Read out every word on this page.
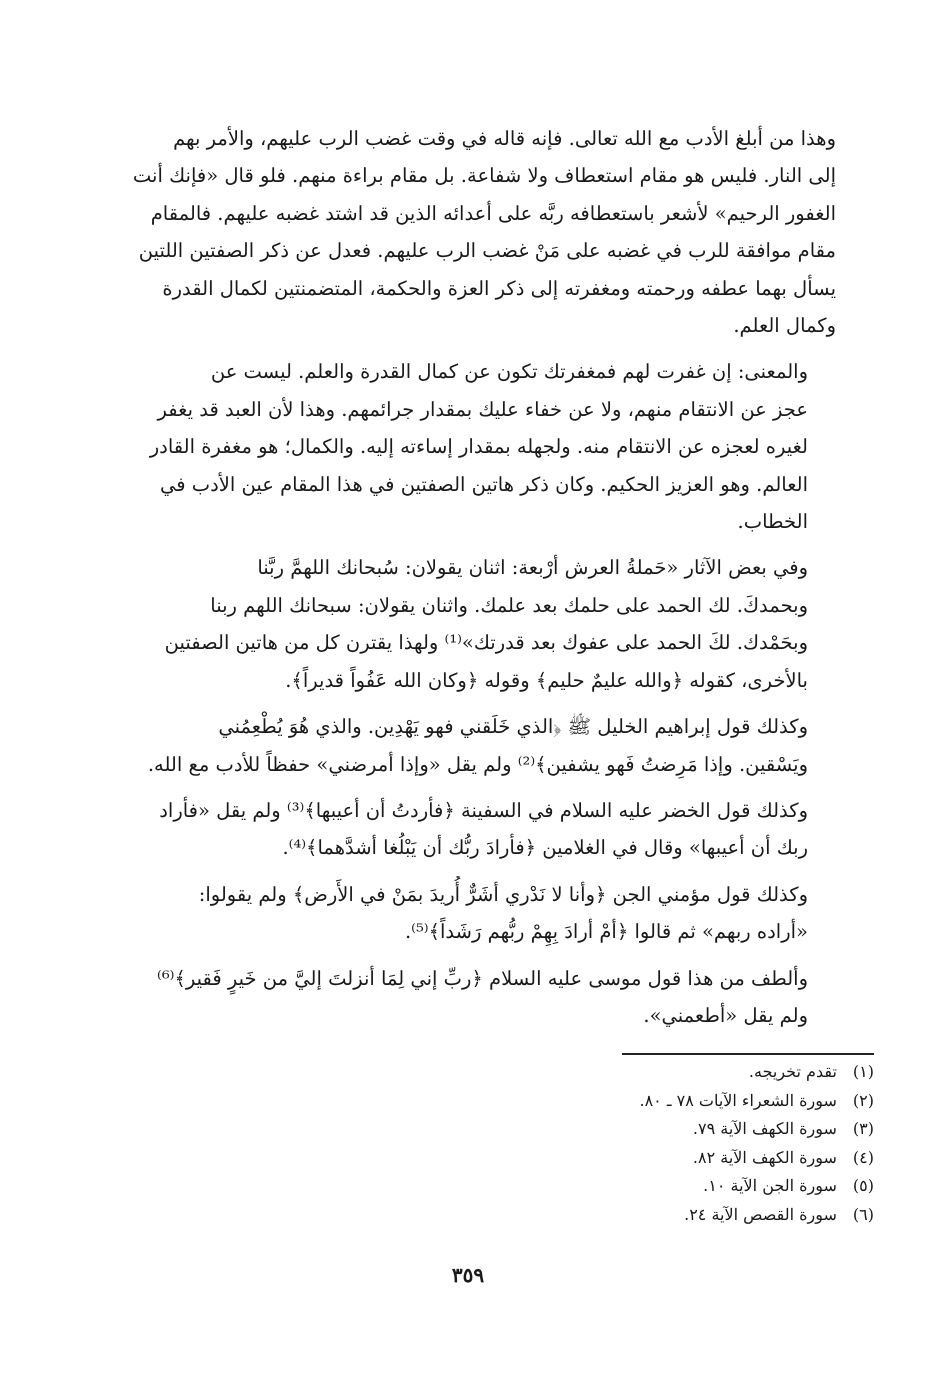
وهذا من أبلغ الأدب مع الله تعالى. فإنه قاله في وقت غضب الرب عليهم، والأمر بهم
إلى النار. فليس هو مقام استعطاف ولا شفاعة. بل مقام براءة منهم. فلو قال «فإنك أنت
الغفور الرحيم» لأشعر باستعطافه ربَّه على أعدائه الذين قد اشتد غضبه عليهم. فالمقام
مقام موافقة للرب في غضبه على مَنْ غضب الرب عليهم. فعدل عن ذكر الصفتين اللتين
يسأل بهما عطفه ورحمته ومغفرته إلى ذكر العزة والحكمة، المتضمنتين لكمال القدرة
وكمال العلم.
والمعنى: إن غفرت لهم فمغفرتك تكون عن كمال القدرة والعلم. ليست عن
عجز عن الانتقام منهم، ولا عن خفاء عليك بمقدار جرائمهم. وهذا لأن العبد قد يغفر
لغيره لعجزه عن الانتقام منه. ولجهله بمقدار إساءته إليه. والكمال؛ هو مغفرة القادر
العالم. وهو العزيز الحكيم. وكان ذكر هاتين الصفتين في هذا المقام عين الأدب في
الخطاب.
وفي بعض الآثار «حَملةُ العرش أرْبعة: اثنان يقولان: سُبحانك اللهمَّ ربَّنا
وبحمدكَ. لك الحمد على حلمك بعد علمك. واثنان يقولان: سبحانك اللهم ربنا
وبحَمْدك. لكَ الحمد على عفوك بعد قدرتك»⁽¹⁾ ولهذا يقترن كل من هاتين الصفتين
بالأخرى، كقوله ﴿والله عليمٌ حليم﴾ وقوله ﴿وكان الله عَفُواً قديراً﴾.
وكذلك قول إبراهيم الخليل ﷺ ﴿الذي خَلَقني فهو يَهْدِين. والذي هُوَ يُطْعِمُني
ويَسْقين. وإذا مَرِضتُ فَهو يشفين﴾⁽²⁾ ولم يقل «وإذا أمرضني» حفظاً للأدب مع الله.
وكذلك قول الخضر عليه السلام في السفينة ﴿فأردتُ أن أعيبها﴾⁽³⁾ ولم يقل «فأراد
ربك أن أعيبها» وقال في الغلامين ﴿فأرادَ ربُّك أن يَبْلُغا أشدَّهما﴾⁽⁴⁾.
وكذلك قول مؤمني الجن ﴿وأنا لا نَدْري أشَرٌّ أُريدَ بمَنْ في الأَرض﴾ ولم يقولوا:
«أراده ربهم» ثم قالوا ﴿أمْ أرادَ بِهِمْ ربُّهم رَشَداً﴾⁽⁵⁾.
وألطف من هذا قول موسى عليه السلام ﴿ربِّ إني لِمَا أنزلتَ إليَّ من خَيرٍ فَقير﴾⁽⁶⁾
ولم يقل «أطعمني».
(١) تقدم تخريجه.
(٢) سورة الشعراء الآيات ٧٨ ـ ٨٠.
(٣) سورة الكهف الآية ٧٩.
(٤) سورة الكهف الآية ٨٢.
(٥) سورة الجن الآية ١٠.
(٦) سورة القصص الآية ٢٤.
٣٥٩
